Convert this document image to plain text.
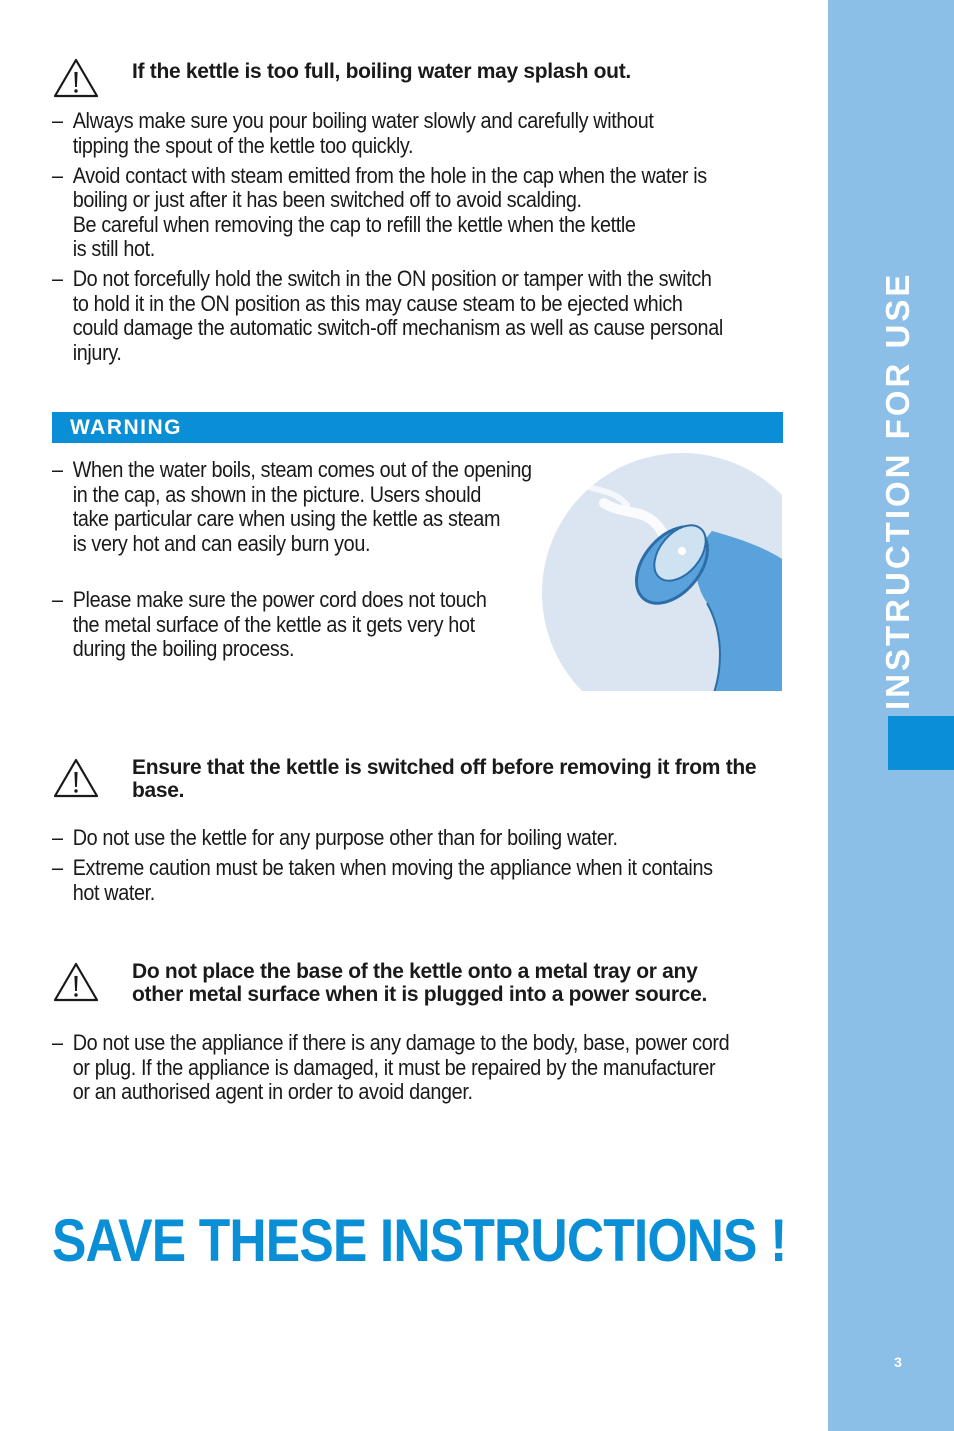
INSTRUCTION FOR USE
3
If the kettle is too full, boiling water may splash out.
– Always make sure you pour boiling water slowly and carefully without
tipping the spout of the kettle too quickly.
– Avoid contact with steam emitted from the hole in the cap when the water is
boiling or just after it has been switched off to avoid scalding.
Be careful when removing the cap to refill the kettle when the kettle
is still hot.
– Do not forcefully hold the switch in the ON position or tamper with the switch
to hold it in the ON position as this may cause steam to be ejected which
could damage the automatic switch-off mechanism as well as cause personal
injury.
WARNING
– When the water boils, steam comes out of the opening
in the cap, as shown in the picture. Users should
take particular care when using the kettle as steam
is very hot and can easily burn you.
– Please make sure the power cord does not touch
the metal surface of the kettle as it gets very hot
during the boiling process.
Ensure that the kettle is switched off before removing it from the base.
– Do not use the kettle for any purpose other than for boiling water.
– Extreme caution must be taken when moving the appliance when it contains
hot water.
Do not place the base of the kettle onto a metal tray or any
other metal surface when it is plugged into a power source.
– Do not use the appliance if there is any damage to the body, base, power cord
or plug. If the appliance is damaged, it must be repaired by the manufacturer
or an authorised agent in order to avoid danger.
SAVE THESE INSTRUCTIONS !
